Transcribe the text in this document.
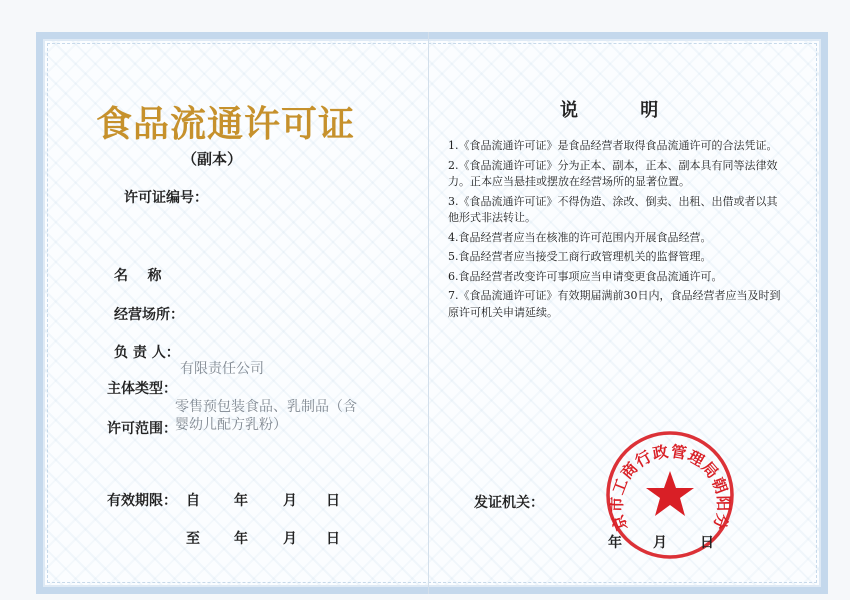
食品流通许可证
（副本）
许可证编号：
名    称
经营场所：
负 责 人：
主体类型：
许可范围：
有限责任公司
零售预包装食品、乳制品（含
婴幼儿配方乳粉）
有效期限： 自 年	月 日
至 年	月 日
说 明

1.《食品流通许可证》是食品经营者取得食品流通许可的合法凭证。

2.《食品流通许可证》分为正本、副本，正本、副本具有同等法律效力。正本应当悬挂或摆放在经营场所的显著位置。

3.《食品流通许可证》不得伪造、涂改、倒卖、出租、出借或者以其他形式非法转让。

4.食品经营者应当在核准的许可范围内开展食品经营。

5.食品经营者应当接受工商行政管理机关的监督管理。

6.食品经营者改变许可事项应当申请变更食品流通许可。

7.《食品流通许可证》有效期届满前30日内，食品经营者应当及时到原许可机关申请延续。

发证机关：
京市工商行政管理局朝阳分
年 月 日
